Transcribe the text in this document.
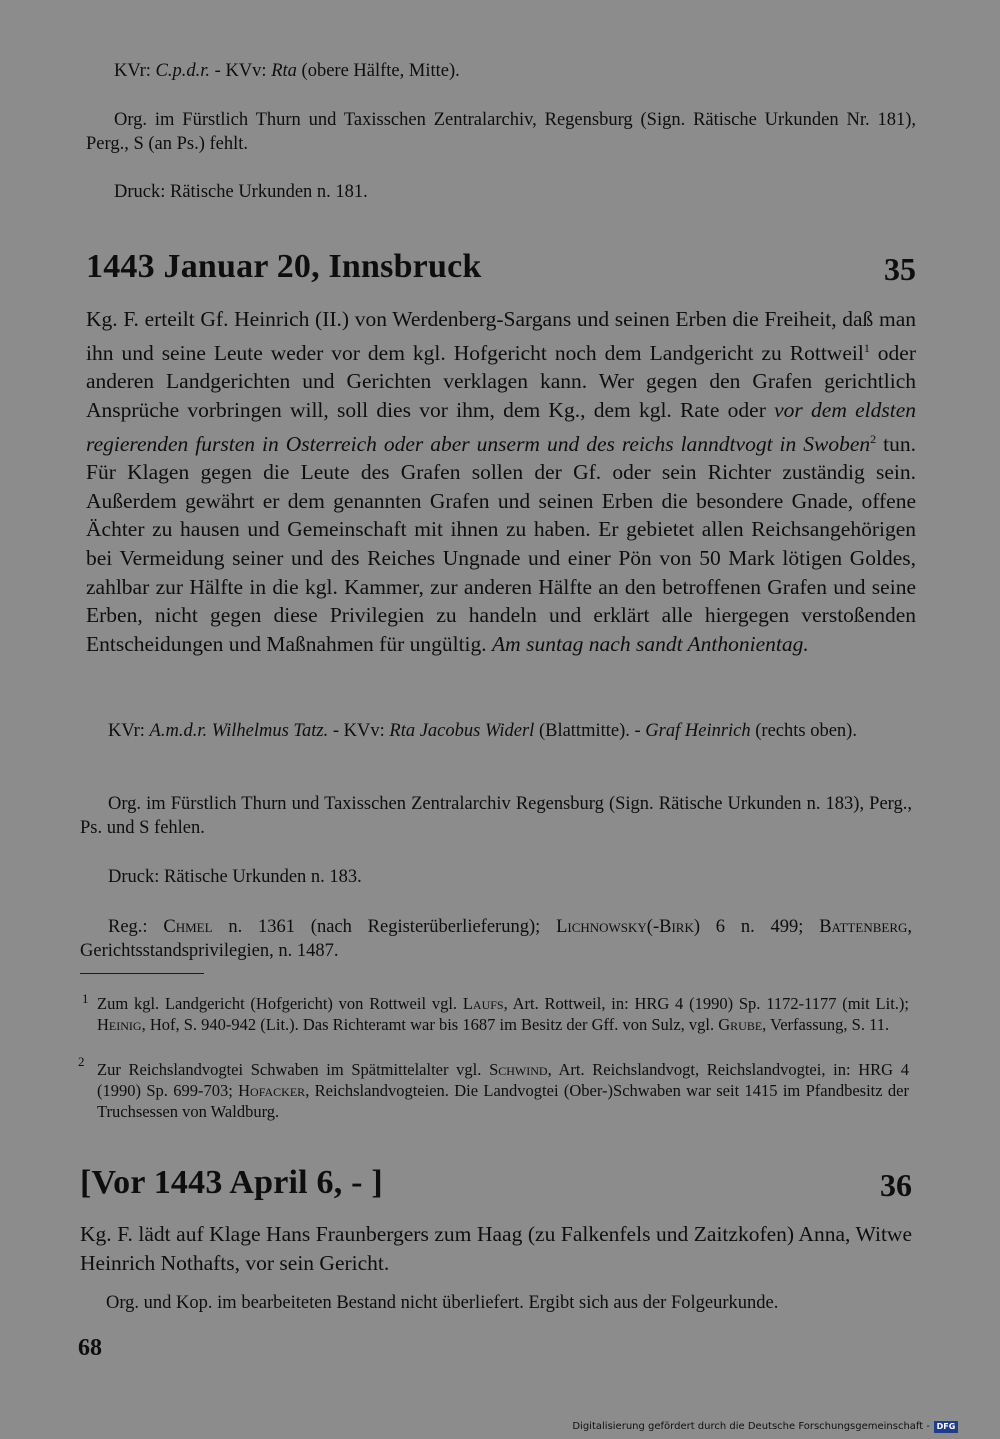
KVr: C.p.d.r. - KVv: Rta (obere Hälfte, Mitte).

Org. im Fürstlich Thurn und Taxisschen Zentralarchiv, Regensburg (Sign. Rätische Urkunden Nr. 181), Perg., S (an Ps.) fehlt.

Druck: Rätische Urkunden n. 181.

1443 Januar 20, Innsbruck	35

Kg. F. erteilt Gf. Heinrich (II.) von Werdenberg-Sargans und seinen Erben die Freiheit, daß man ihn und seine Leute weder vor dem kgl. Hofgericht noch dem Landgericht zu Rottweil$^1$ oder anderen Landgerichten und Gerichten verklagen kann. Wer gegen den Grafen gerichtlich Ansprüche vorbringen will, soll dies vor ihm, dem Kg., dem kgl. Rate oder vor dem eldsten regierenden fursten in Osterreich oder aber unserm und des reichs lanndtvogt in Swoben$^2$ tun. Für Klagen gegen die Leute des Grafen sollen der Gf. oder sein Richter zuständig sein. Außerdem gewährt er dem genannten Grafen und seinen Erben die besondere Gnade, offene Ächter zu hausen und Gemeinschaft mit ihnen zu haben. Er gebietet allen Reichsangehörigen bei Vermeidung seiner und des Reiches Ungnade und einer Pön von 50 Mark lötigen Goldes, zahlbar zur Hälfte in die kgl. Kammer, zur anderen Hälfte an den betroffenen Grafen und seine Erben, nicht gegen diese Privilegien zu handeln und erklärt alle hiergegen verstoßenden Entscheidungen und Maßnahmen für ungültig. Am suntag nach sandt Anthonientag.

KVr: A.m.d.r. Wilhelmus Tatz. - KVv: Rta Jacobus Widerl (Blattmitte). - Graf Heinrich (rechts oben).

Org. im Fürstlich Thurn und Taxisschen Zentralarchiv Regensburg (Sign. Rätische Urkunden n. 183), Perg., Ps. und S fehlen.

Druck: Rätische Urkunden n. 183.

Reg.: Chmel n. 1361 (nach Registerüberlieferung); Lichnowsky(-Birk) 6 n. 499; Battenberg, Gerichtsstandsprivilegien, n. 1487.

1 Zum kgl. Landgericht (Hofgericht) von Rottweil vgl. Laufs, Art. Rottweil, in: HRG 4 (1990) Sp. 1172-1177 (mit Lit.); Heinig, Hof, S. 940-942 (Lit.). Das Richteramt war bis 1687 im Besitz der Gff. von Sulz, vgl. Grube, Verfassung, S. 11.

2 Zur Reichslandvogtei Schwaben im Spätmittelalter vgl. Schwind, Art. Reichslandvogt, Reichslandvogtei, in: HRG 4 (1990) Sp. 699-703; Hofacker, Reichslandvogteien. Die Landvogtei (Ober-)Schwaben war seit 1415 im Pfandbesitz der Truchsessen von Waldburg.

[Vor 1443 April 6, - ]	36

Kg. F. lädt auf Klage Hans Fraunbergers zum Haag (zu Falkenfels und Zaitzkofen) Anna, Witwe Heinrich Nothafts, vor sein Gericht.

Org. und Kop. im bearbeiteten Bestand nicht überliefert. Ergibt sich aus der Folgeurkunde.

68
Digitalisierung gefördert durch die Deutsche Forschungsgemeinschaft - DFG
